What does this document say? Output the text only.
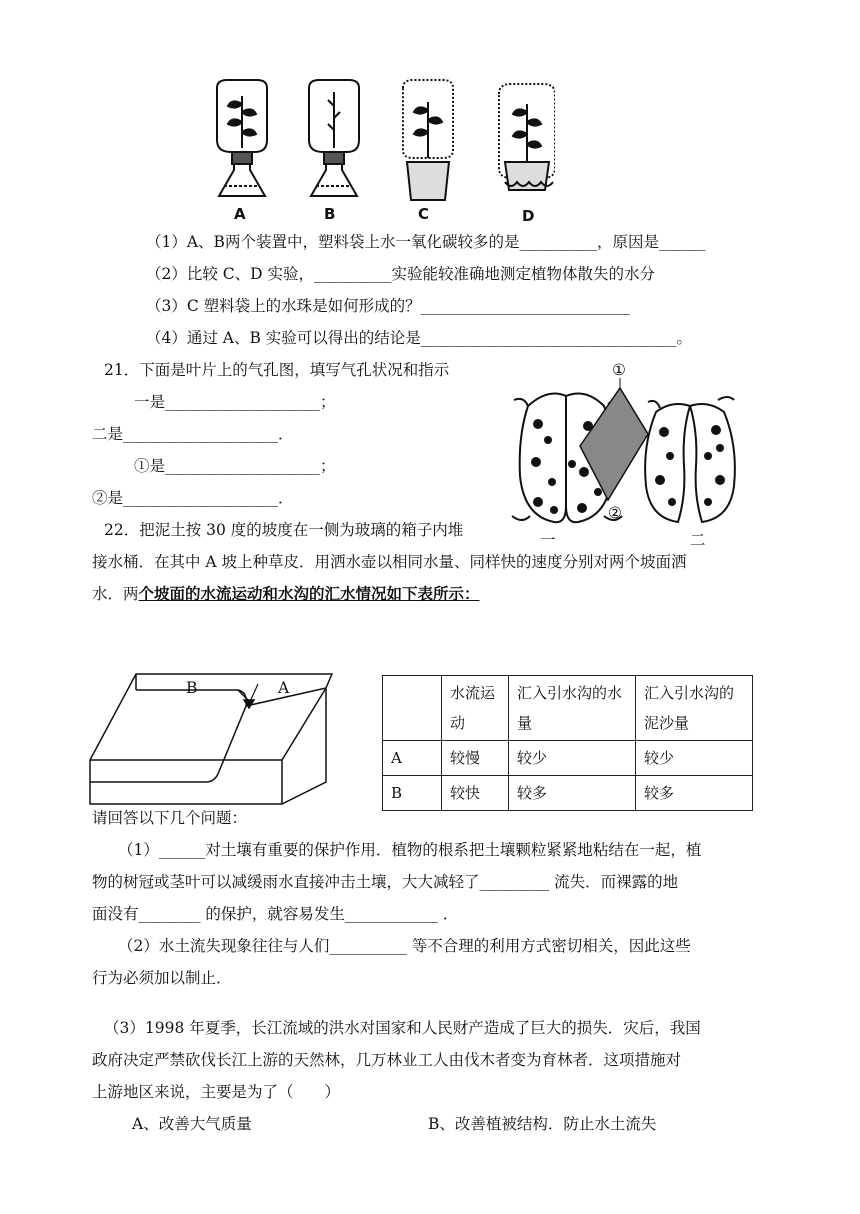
A	B	C	D
（1）A、B两个装置中，塑料袋上水一氧化碳较多的是__________，原因是______
（2）比较 C、D 实验，__________实验能较准确地测定植物体散失的水分
（3）C 塑料袋上的水珠是如何形成的？___________________________
（4）通过 A、B 实验可以得出的结论是_________________________________。
21．下面是叶片上的气孔图，填写气孔状况和指示
一是____________________；
二是____________________．
①是____________________；
②是____________________．
①
②
一	二
22．把泥土按 30 度的坡度在一侧为玻璃的箱子内堆
接水桶．在其中 A 坡上种草皮．用洒水壶以相同水量、同样快的速度分别对两个坡面洒
水．两个坡面的水流运动和水沟的汇水情况如下表所示：
B	A
		水流运动	汇入引水沟的水量	汇入引水沟的泥沙量
A	较慢	较少	较少
B	较快	较多	较多
请回答以下几个问题：
（1）______对土壤有重要的保护作用．植物的根系把土壤颗粒紧紧地粘结在一起，植
物的树冠或茎叶可以减缓雨水直接冲击土壤，大大减轻了_________ 流失．而裸露的地
面没有________ 的保护，就容易发生____________ ．
（2）水土流失现象往往与人们__________ 等不合理的利用方式密切相关，因此这些
行为必须加以制止．
（3）1998 年夏季，长江流域的洪水对国家和人民财产造成了巨大的损失．灾后，我国
政府决定严禁砍伐长江上游的天然林，几万林业工人由伐木者变为育林者．这项措施对
上游地区来说，主要是为了（　　）
A、改善大气质量	B、改善植被结构．防止水土流失
